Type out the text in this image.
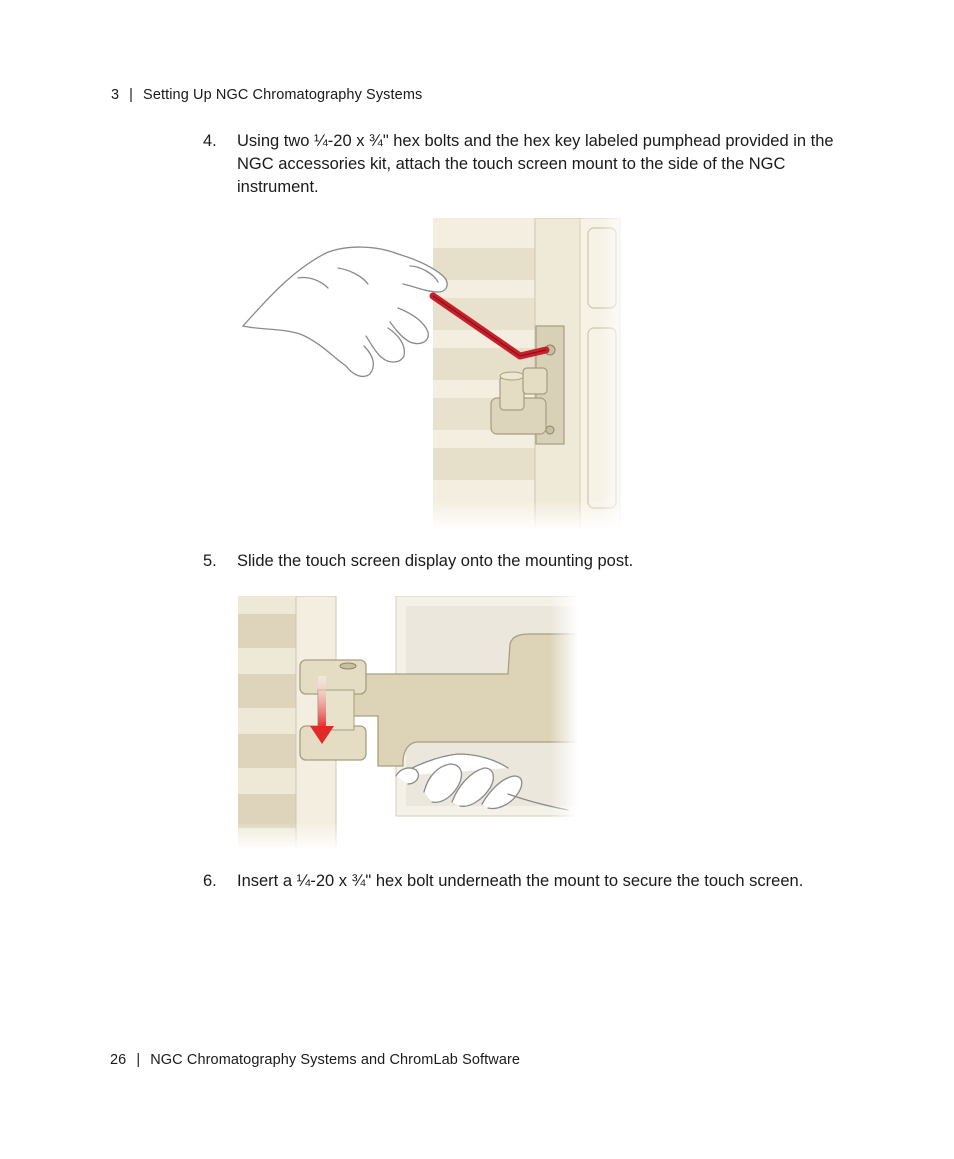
3 | Setting Up NGC Chromatography Systems
4. Using two ¼-20 x ¾" hex bolts and the hex key labeled pumphead provided in the NGC accessories kit, attach the touch screen mount to the side of the NGC instrument.
5. Slide the touch screen display onto the mounting post.
6. Insert a ¼-20 x ¾" hex bolt underneath the mount to secure the touch screen.
26 | NGC Chromatography Systems and ChromLab Software
